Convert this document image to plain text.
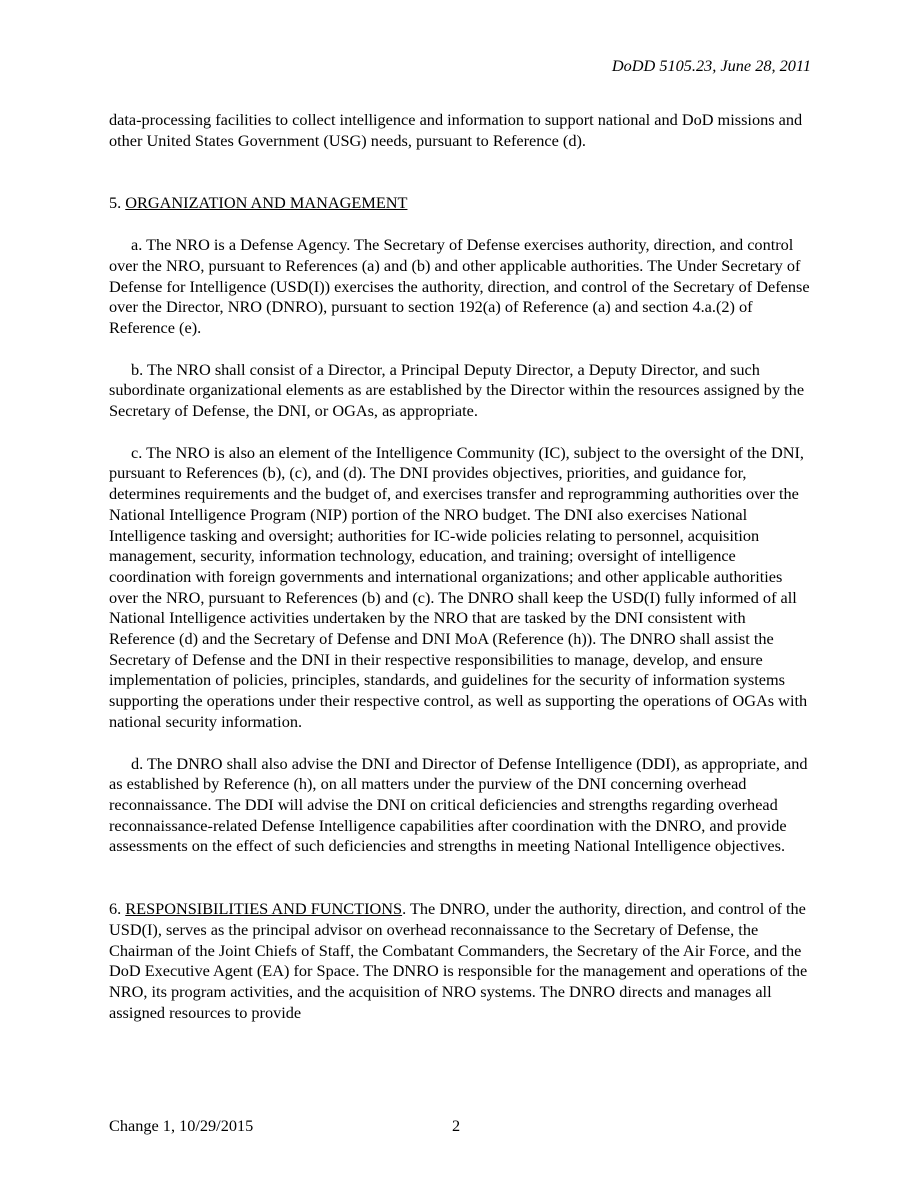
DoDD 5105.23, June 28, 2011

data-processing facilities to collect intelligence and information to support national and DoD missions and other United States Government (USG) needs, pursuant to Reference (d).

5. ORGANIZATION AND MANAGEMENT

a. The NRO is a Defense Agency. The Secretary of Defense exercises authority, direction, and control over the NRO, pursuant to References (a) and (b) and other applicable authorities. The Under Secretary of Defense for Intelligence (USD(I)) exercises the authority, direction, and control of the Secretary of Defense over the Director, NRO (DNRO), pursuant to section 192(a) of Reference (a) and section 4.a.(2) of Reference (e).

b. The NRO shall consist of a Director, a Principal Deputy Director, a Deputy Director, and such subordinate organizational elements as are established by the Director within the resources assigned by the Secretary of Defense, the DNI, or OGAs, as appropriate.

c. The NRO is also an element of the Intelligence Community (IC), subject to the oversight of the DNI, pursuant to References (b), (c), and (d). The DNI provides objectives, priorities, and guidance for, determines requirements and the budget of, and exercises transfer and reprogramming authorities over the National Intelligence Program (NIP) portion of the NRO budget. The DNI also exercises National Intelligence tasking and oversight; authorities for IC-wide policies relating to personnel, acquisition management, security, information technology, education, and training; oversight of intelligence coordination with foreign governments and international organizations; and other applicable authorities over the NRO, pursuant to References (b) and (c). The DNRO shall keep the USD(I) fully informed of all National Intelligence activities undertaken by the NRO that are tasked by the DNI consistent with Reference (d) and the Secretary of Defense and DNI MoA (Reference (h)). The DNRO shall assist the Secretary of Defense and the DNI in their respective responsibilities to manage, develop, and ensure implementation of policies, principles, standards, and guidelines for the security of information systems supporting the operations under their respective control, as well as supporting the operations of OGAs with national security information.

d. The DNRO shall also advise the DNI and Director of Defense Intelligence (DDI), as appropriate, and as established by Reference (h), on all matters under the purview of the DNI concerning overhead reconnaissance. The DDI will advise the DNI on critical deficiencies and strengths regarding overhead reconnaissance-related Defense Intelligence capabilities after coordination with the DNRO, and provide assessments on the effect of such deficiencies and strengths in meeting National Intelligence objectives.

6. RESPONSIBILITIES AND FUNCTIONS. The DNRO, under the authority, direction, and control of the USD(I), serves as the principal advisor on overhead reconnaissance to the Secretary of Defense, the Chairman of the Joint Chiefs of Staff, the Combatant Commanders, the Secretary of the Air Force, and the DoD Executive Agent (EA) for Space. The DNRO is responsible for the management and operations of the NRO, its program activities, and the acquisition of NRO systems. The DNRO directs and manages all assigned resources to provide

Change 1, 10/29/2015	2
